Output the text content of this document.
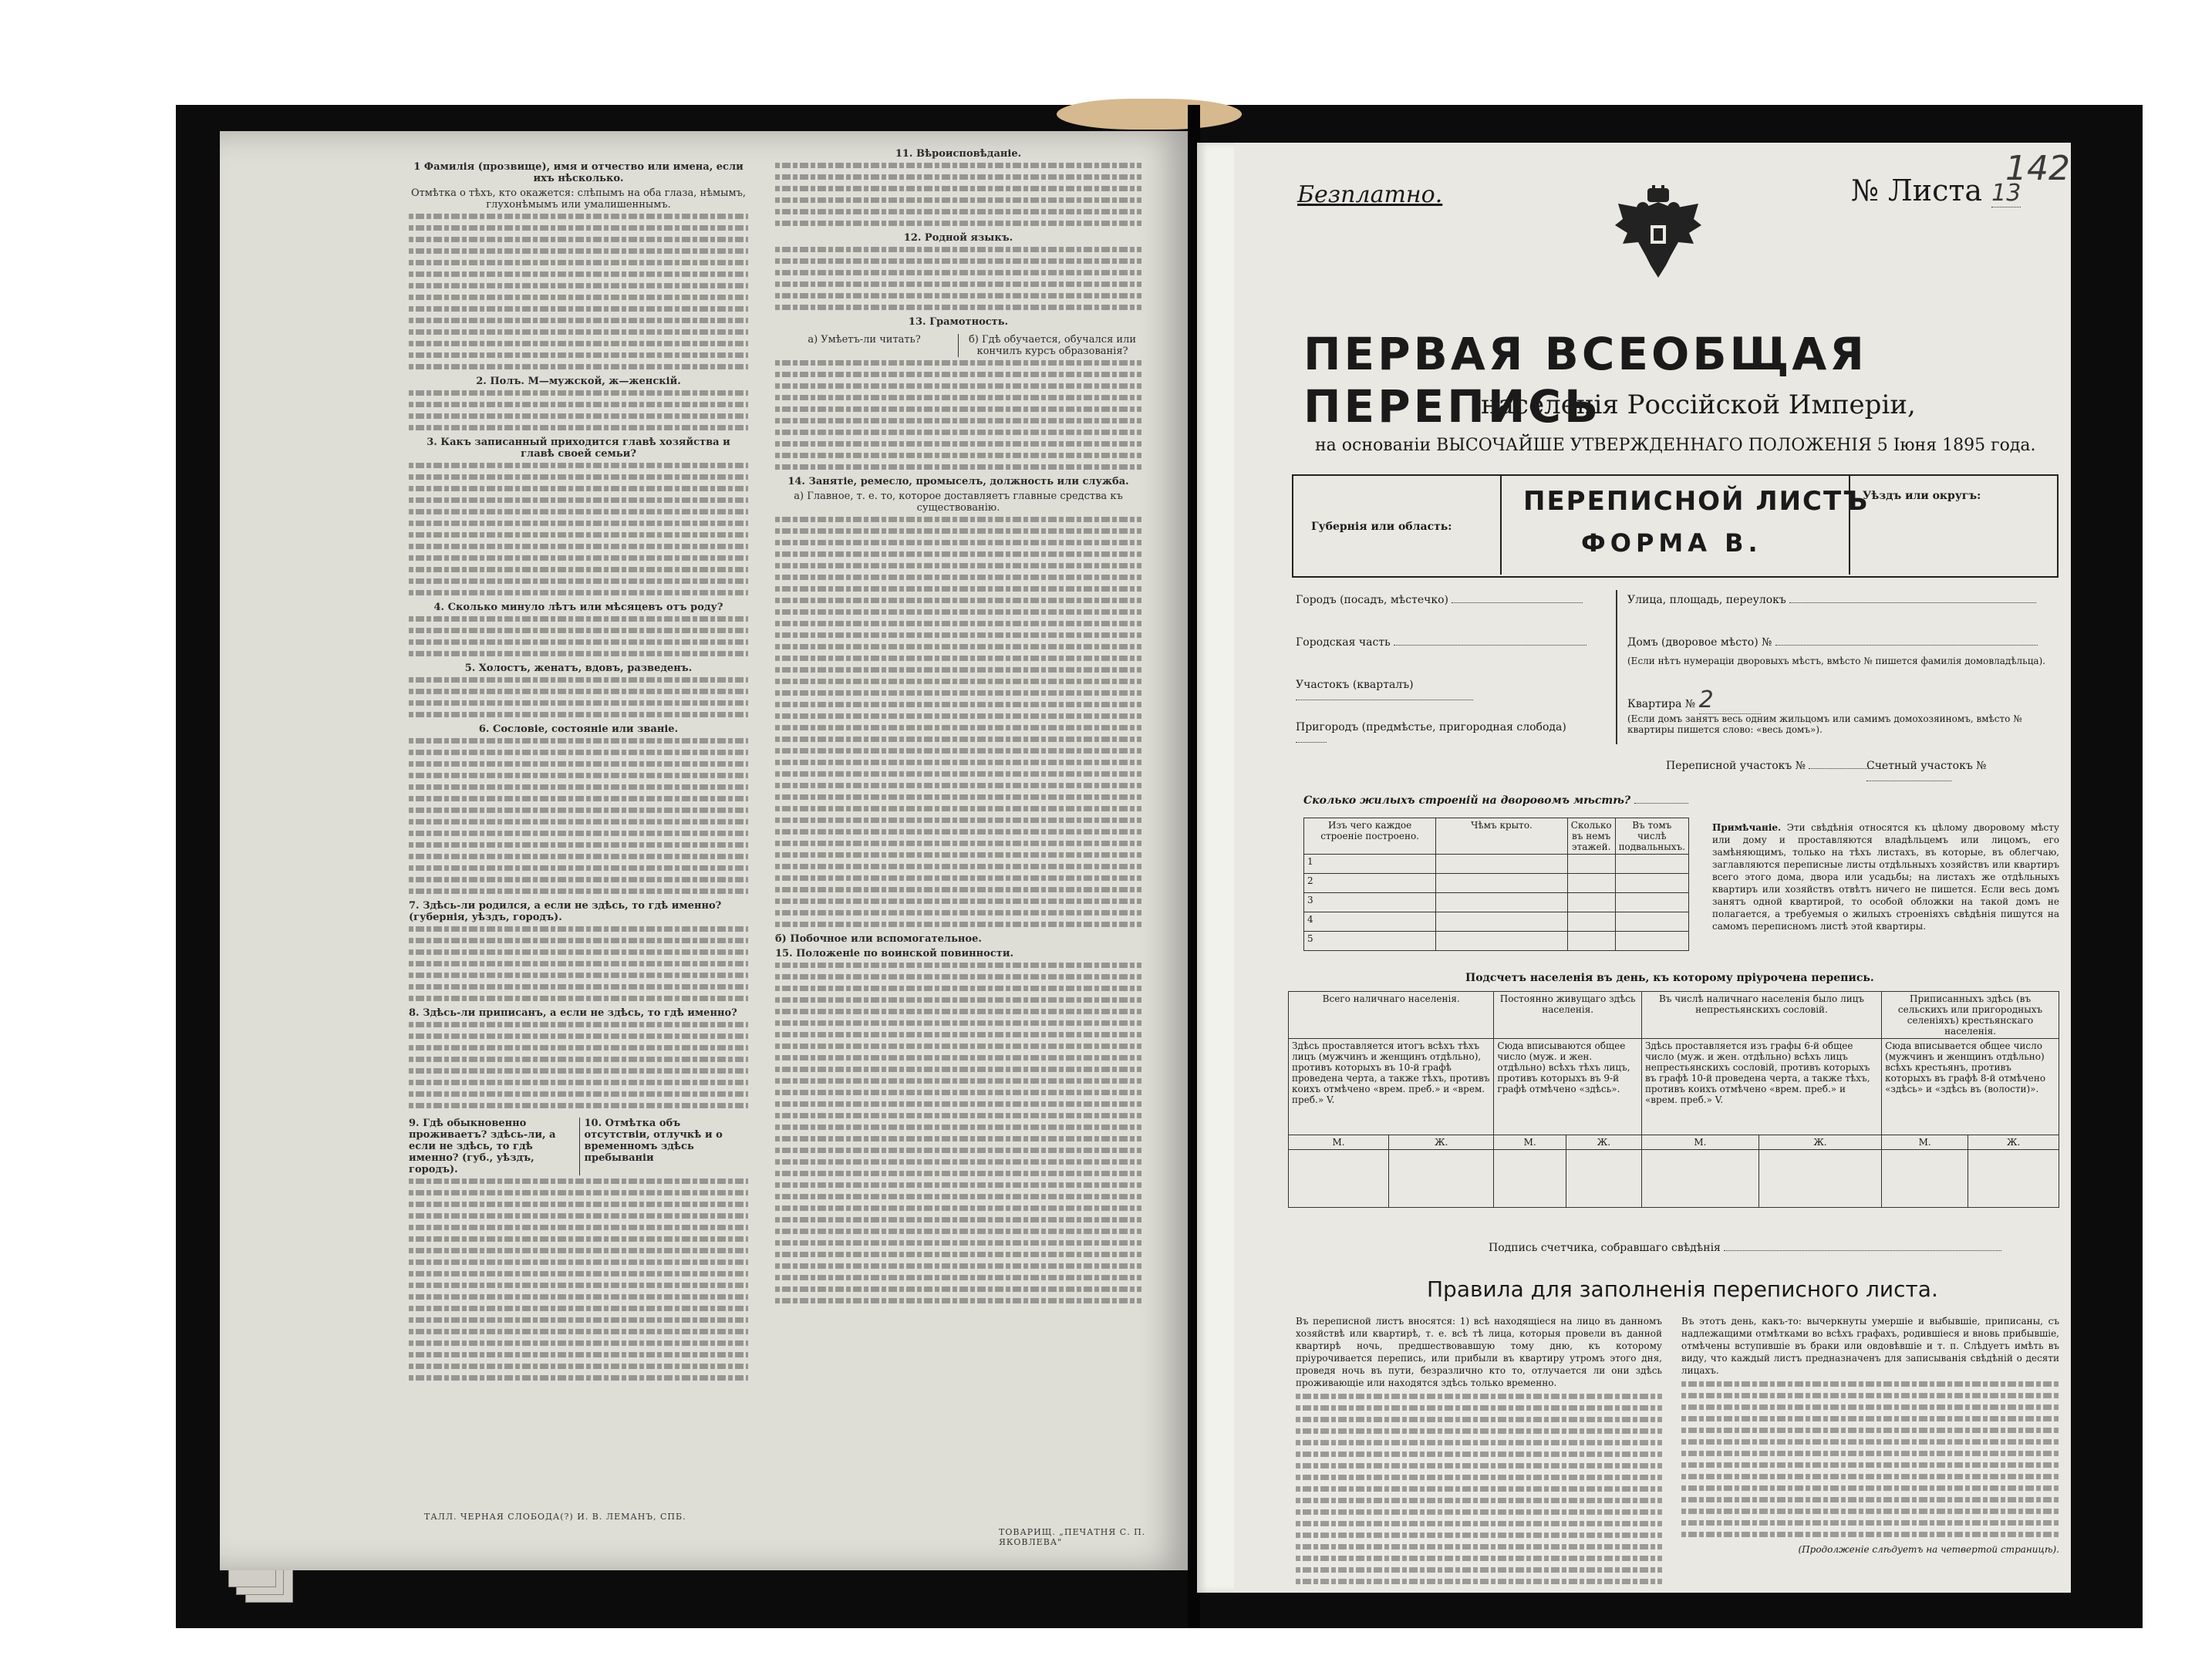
1 Фамилія (прозвище), имя и отчество или имена, если ихъ нѣсколько.

Отмѣтка о тѣхъ, кто окажется: слѣпымъ на оба глаза, нѣмымъ, глухонѣмымъ или умалишеннымъ.

2. Полъ. М—мужской, ж—женскій.

3. Какъ записанный приходится главѣ хозяйства и главѣ своей семьи?

4. Сколько минуло лѣтъ или мѣсяцевъ отъ роду?

5. Холостъ, женатъ, вдовъ, разведенъ.

6. Сословіе, состояніе или званіе.

7. Здѣсь-ли родился, а если не здѣсь, то гдѣ именно? (губернія, уѣздъ, городъ).

8. Здѣсь-ли приписанъ, а если не здѣсь, то гдѣ именно?

9. Гдѣ обыкновенно проживаетъ? здѣсь-ли, а если не здѣсь, то гдѣ именно? (губ., уѣздъ, городъ).

10. Отмѣтка объ отсутствіи, отлучкѣ и о временномъ здѣсь пребываніи

ТАЛЛ. ЧЕРНАЯ СЛОБОДА(?) И. В. ЛЕМАНЪ, СПБ.

11. Вѣроисповѣданіе.

12. Родной языкъ.

13. Грамотность.

а) Умѣетъ-ли читать?	б) Гдѣ обучается, обучался или кончилъ курсъ образованія?

14. Занятіе, ремесло, промыселъ, должность или служба.

а) Главное, т. е. то, которое доставляетъ главные средства къ существованію.

б) Побочное или вспомогательное.

15. Положеніе по воинской повинности.

ТОВАРИЩ. „ПЕЧАТНЯ С. П. ЯКОВЛЕВА"
Безплатно.	№ Листа 13
142
ПЕРВАЯ ВСЕОБЩАЯ ПЕРЕПИСЬ
населенія Россійской Имперіи,
на основаніи ВЫСОЧАЙШЕ УТВЕРЖДЕННАГО ПОЛОЖЕНІЯ 5 Іюня 1895 года.
Губернія или область:
ПЕРЕПИСНОЙ ЛИСТЪ
ФОРМА В.
Уѣздъ или округъ:
Городъ (посадъ, мѣстечко)
Городская часть
Участокъ (кварталъ)
Пригородъ (предмѣстье, пригородная слобода)
Улица, площадь, переулокъ
Домъ (дворовое мѣсто) №
(Если нѣтъ нумераціи дворовыхъ мѣстъ, вмѣсто № пишется фамилія домовладѣльца).
Квартира № 2
(Если домъ занятъ весь одним жильцомъ или самимъ домохозяиномъ, вмѣсто № квартиры пишется слово: «весь домъ»).
Переписной участокъ №	Счетный участокъ №
Сколько жилыхъ строеній на дворовомъ мѣстѣ?
Изъ чего каждое строеніе построено.	Чѣмъ крыто.	Сколько въ немъ этажей.	Въ томъ числѣ подвальныхъ.
1			
2			
3			
4			
5			
Примѣчаніе. Эти свѣдѣнія относятся къ цѣлому дворовому мѣсту или дому и проставляются владѣльцемъ или лицомъ, его замѣняющимъ, только на тѣхъ листахъ, въ которые, въ облегчаю, заглавляются переписные листы отдѣльныхъ хозяйствъ или квартиръ всего этого дома, двора или усадьбы; на листахъ же отдѣльныхъ квартиръ или хозяйствъ отвѣтъ ничего не пишется. Если весь домъ занятъ одной квартирой, то особой обложки на такой домъ не полагается, а требуемыя о жилыхъ строеніяхъ свѣдѣнія пишутся на самомъ переписномъ листѣ этой квартиры.
Подсчетъ населенія въ день, къ которому пріурочена перепись.
Всего наличнаго населенія.		Постоянно живущаго здѣсь населенія.		Въ числѣ наличнаго населенія было лицъ непрестьянскихъ сословій.		Приписанныхъ здѣсь (въ сельскихъ или пригородныхъ селеніяхъ) крестьянскаго населенія.	
Здѣсь проставляется итогъ всѣхъ тѣхъ лицъ (мужчинъ и женщинъ отдѣльно), противъ которыхъ въ 10-й графѣ проведена черта, а также тѣхъ, противъ коихъ отмѣчено «врем. преб.» и «врем. преб.» V.		Сюда вписываются общее число (муж. и жен. отдѣльно) всѣхъ тѣхъ лицъ, противъ которыхъ въ 9-й графѣ отмѣчено «здѣсь».		Здѣсь проставляется изъ графы 6-й общее число (муж. и жен. отдѣльно) всѣхъ лицъ непрестьянскихъ сословій, противъ которыхъ въ графѣ 10-й проведена черта, а также тѣхъ, противъ коихъ отмѣчено «врем. преб.» и «врем. преб.» V.		Сюда вписывается общее число (мужчинъ и женщинъ отдѣльно) всѣхъ крестьянъ, противъ которыхъ въ графѣ 8-й отмѣчено «здѣсь» и «здѣсь въ (волости)».	
М.	Ж.	М.	Ж.	М.	Ж.	М.	Ж.

Подпись счетчика, собравшаго свѣдѣнія
Правила для заполненія переписного листа.
Въ переписной листъ вносятся: 1) всѣ находящіеся на лицо въ данномъ хозяйствѣ или квартирѣ, т. е. всѣ тѣ лица, которыя провели въ данной квартирѣ ночь, предшествовавшую тому дню, къ которому пріурочивается перепись, или прибыли въ квартиру утромъ этого дня, проведя ночь въ пути, безразлично кто то, отлучается ли они здѣсь проживающіе или находятся здѣсь только временно.
Въ этотъ день, какъ-то: вычеркнуты умершіе и выбывшіе, приписаны, съ надлежащими отмѣтками во всѣхъ графахъ, родившіеся и вновь прибывшіе, отмѣчены вступившіе въ браки или овдовѣвшіе и т. п. Слѣдуетъ имѣть въ виду, что каждый листъ предназначенъ для записыванія свѣдѣній о десяти лицахъ.
(Продолженіе слѣдуетъ на четвертой страницѣ).
